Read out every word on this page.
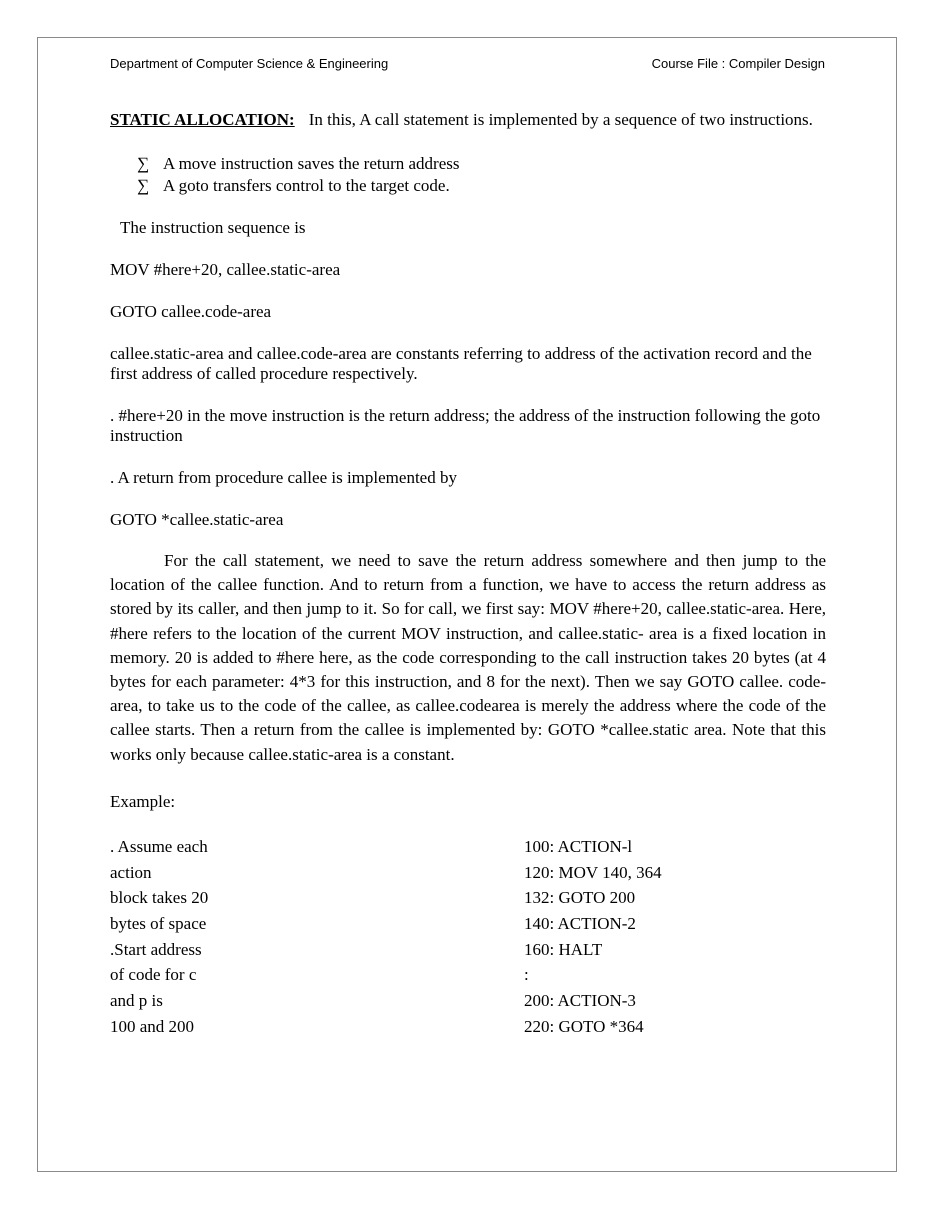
Department of Computer Science & Engineering	Course File : Compiler Design

STATIC ALLOCATION: In this, A call statement is implemented by a sequence of two instructions.

∑ A move instruction saves the return address
∑ A goto transfers control to the target code.

The instruction sequence is

MOV #here+20, callee.static-area

GOTO callee.code-area

callee.static-area and callee.code-area are constants referring to address of the activation record and the first address of called procedure respectively.

. #here+20 in the move instruction is the return address; the address of the instruction following the goto instruction

. A return from procedure callee is implemented by

GOTO *callee.static-area

For the call statement, we need to save the return address somewhere and then jump to the location of the callee function. And to return from a function, we have to access the return address as stored by its caller, and then jump to it. So for call, we first say: MOV #here+20, callee.static-area. Here, #here refers to the location of the current MOV instruction, and callee.static- area is a fixed location in memory. 20 is added to #here here, as the code corresponding to the call instruction takes 20 bytes (at 4 bytes for each parameter: 4*3 for this instruction, and 8 for the next). Then we say GOTO callee. code-area, to take us to the code of the callee, as callee.codearea is merely the address where the code of the callee starts. Then a return from the callee is implemented by: GOTO *callee.static area. Note that this works only because callee.static-area is a constant.

Example:

. Assume each
action
block takes 20
bytes of space
.Start address
of code for c
and p is
100 and 200
100: ACTION-l
120: MOV 140, 364
132: GOTO 200
140: ACTION-2
160: HALT
:
200: ACTION-3
220: GOTO *364
